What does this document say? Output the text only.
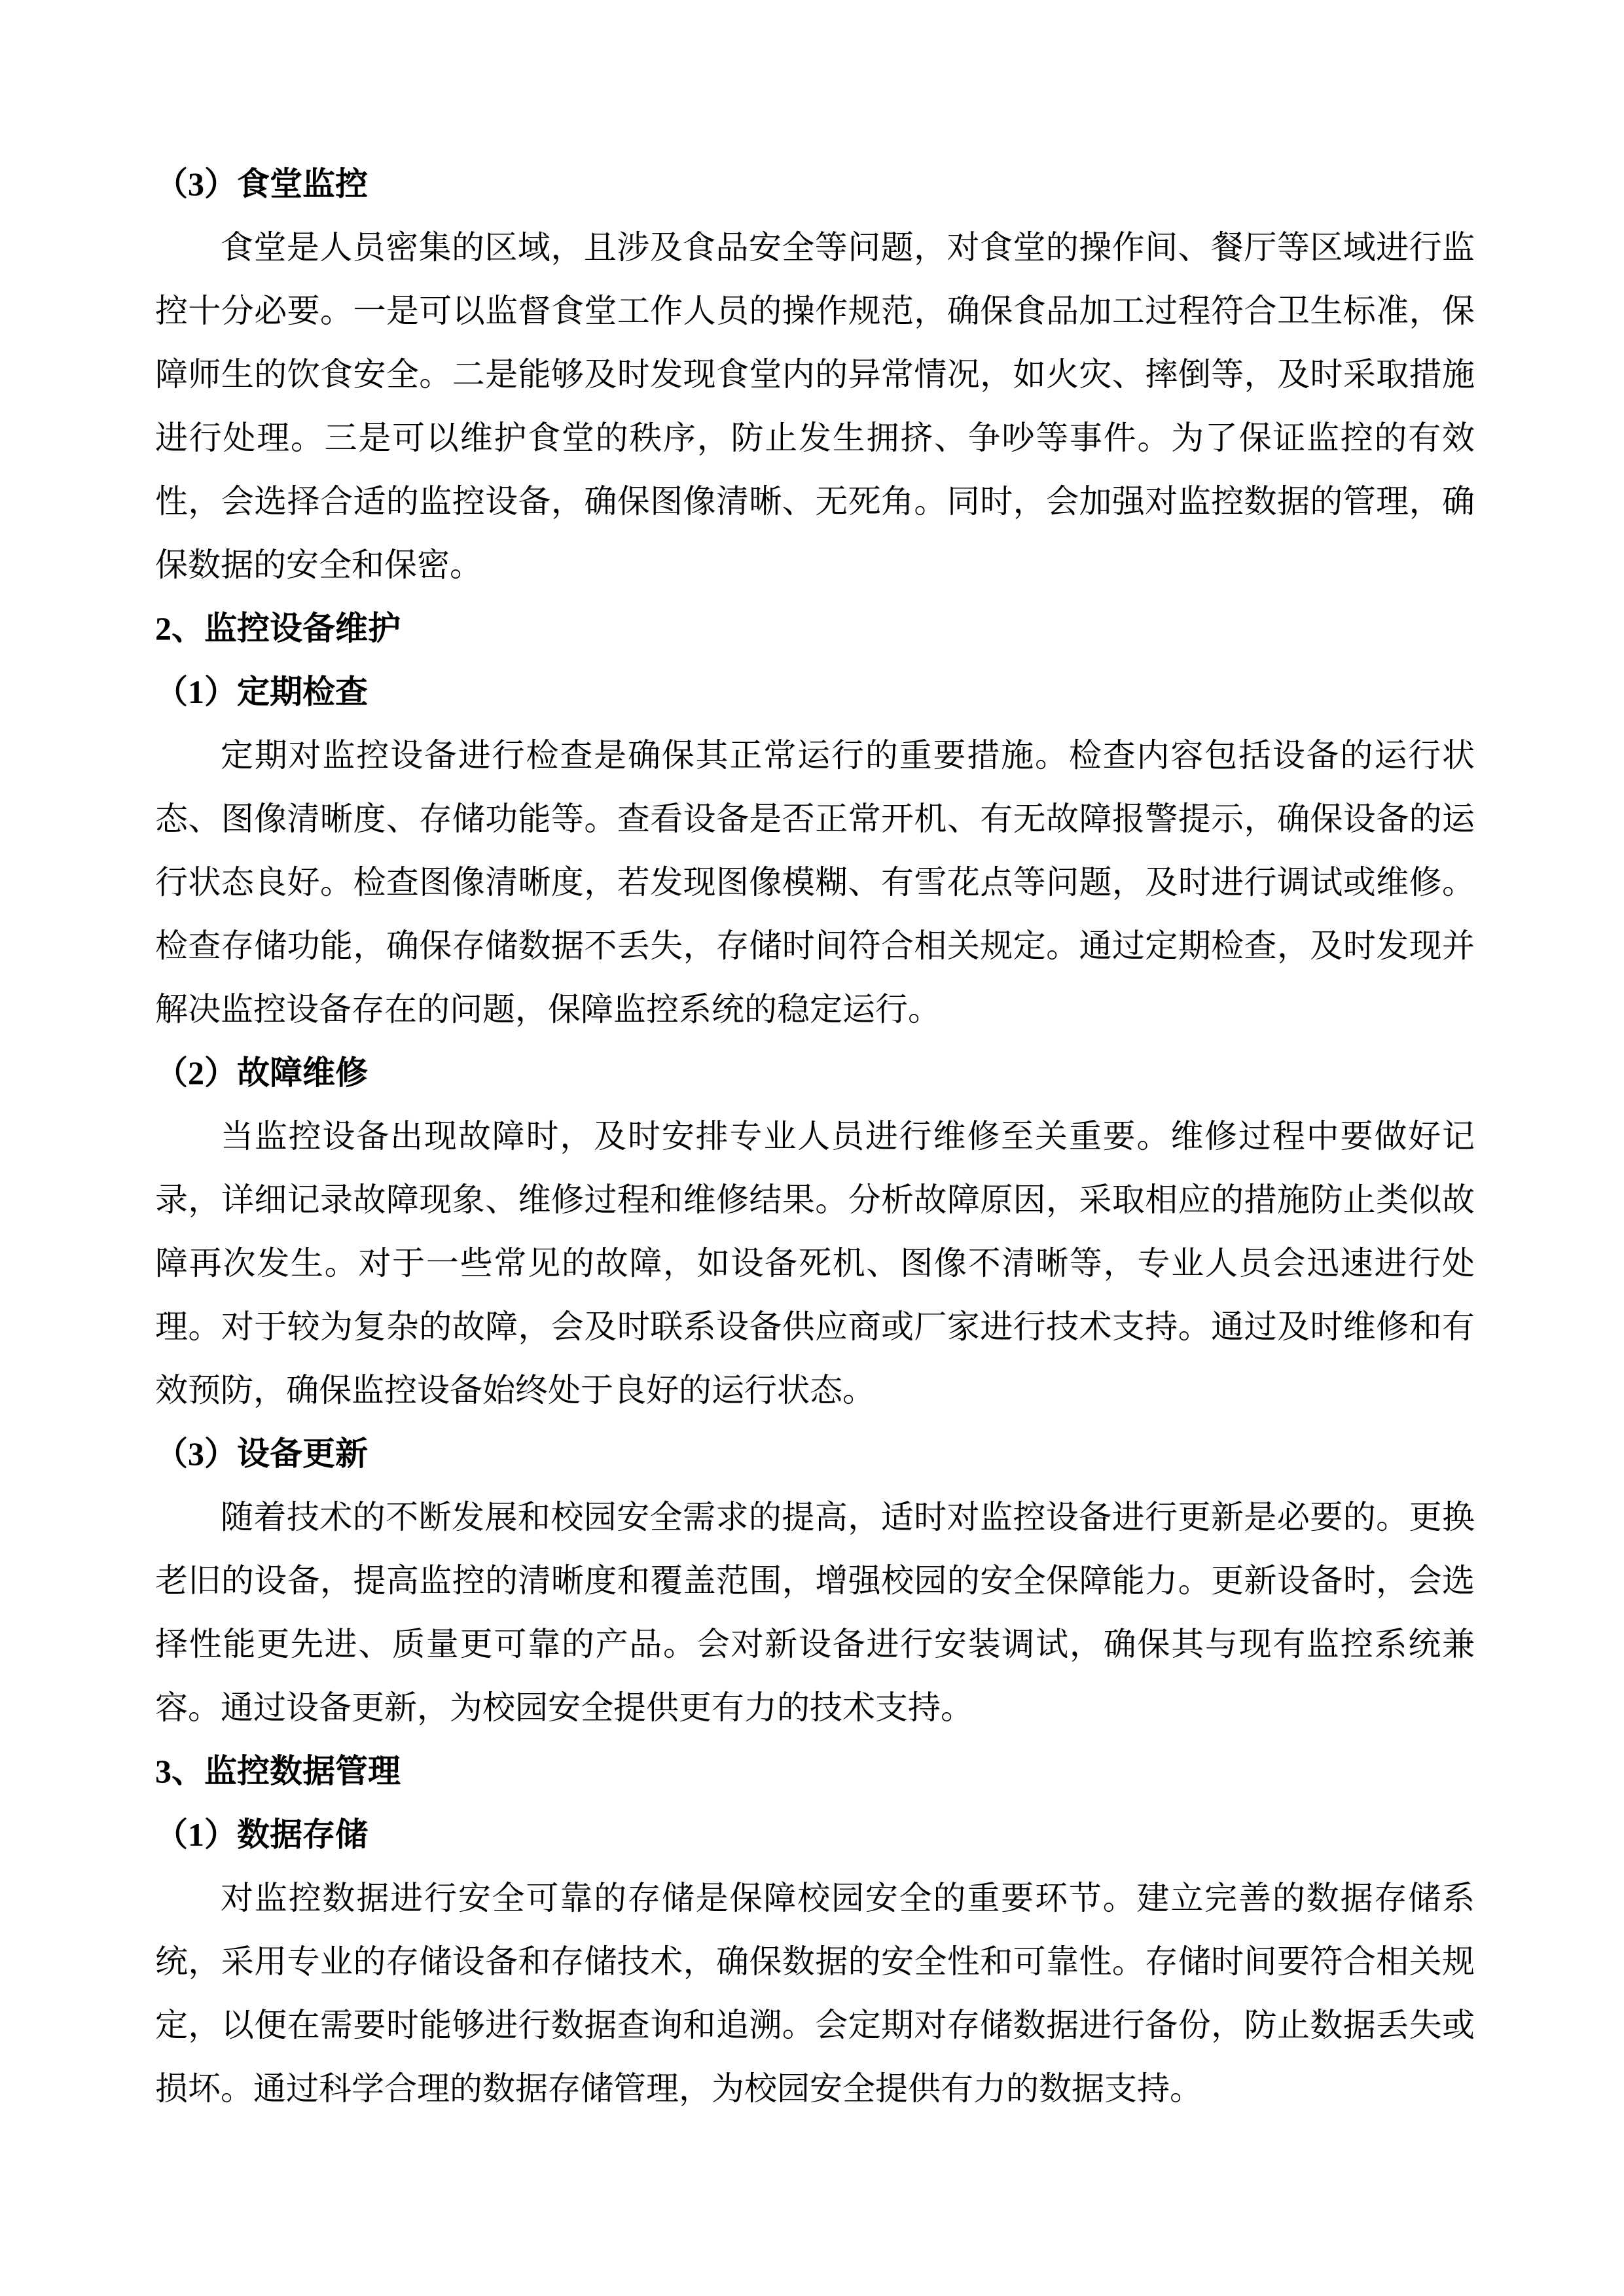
（3）食堂监控

食堂是人员密集的区域，且涉及食品安全等问题，对食堂的操作间、餐厅等区域进行监控十分必要。一是可以监督食堂工作人员的操作规范，确保食品加工过程符合卫生标准，保障师生的饮食安全。二是能够及时发现食堂内的异常情况，如火灾、摔倒等，及时采取措施进行处理。三是可以维护食堂的秩序，防止发生拥挤、争吵等事件。为了保证监控的有效性，会选择合适的监控设备，确保图像清晰、无死角。同时，会加强对监控数据的管理，确保数据的安全和保密。

2、监控设备维护
（1）定期检查

定期对监控设备进行检查是确保其正常运行的重要措施。检查内容包括设备的运行状态、图像清晰度、存储功能等。查看设备是否正常开机、有无故障报警提示，确保设备的运行状态良好。检查图像清晰度，若发现图像模糊、有雪花点等问题，及时进行调试或维修。检查存储功能，确保存储数据不丢失，存储时间符合相关规定。通过定期检查，及时发现并解决监控设备存在的问题，保障监控系统的稳定运行。

（2）故障维修

当监控设备出现故障时，及时安排专业人员进行维修至关重要。维修过程中要做好记录，详细记录故障现象、维修过程和维修结果。分析故障原因，采取相应的措施防止类似故障再次发生。对于一些常见的故障，如设备死机、图像不清晰等，专业人员会迅速进行处理。对于较为复杂的故障，会及时联系设备供应商或厂家进行技术支持。通过及时维修和有效预防，确保监控设备始终处于良好的运行状态。

（3）设备更新

随着技术的不断发展和校园安全需求的提高，适时对监控设备进行更新是必要的。更换老旧的设备，提高监控的清晰度和覆盖范围，增强校园的安全保障能力。更新设备时，会选择性能更先进、质量更可靠的产品。会对新设备进行安装调试，确保其与现有监控系统兼容。通过设备更新，为校园安全提供更有力的技术支持。

3、监控数据管理
（1）数据存储

对监控数据进行安全可靠的存储是保障校园安全的重要环节。建立完善的数据存储系统，采用专业的存储设备和存储技术，确保数据的安全性和可靠性。存储时间要符合相关规定，以便在需要时能够进行数据查询和追溯。会定期对存储数据进行备份，防止数据丢失或损坏。通过科学合理的数据存储管理，为校园安全提供有力的数据支持。
